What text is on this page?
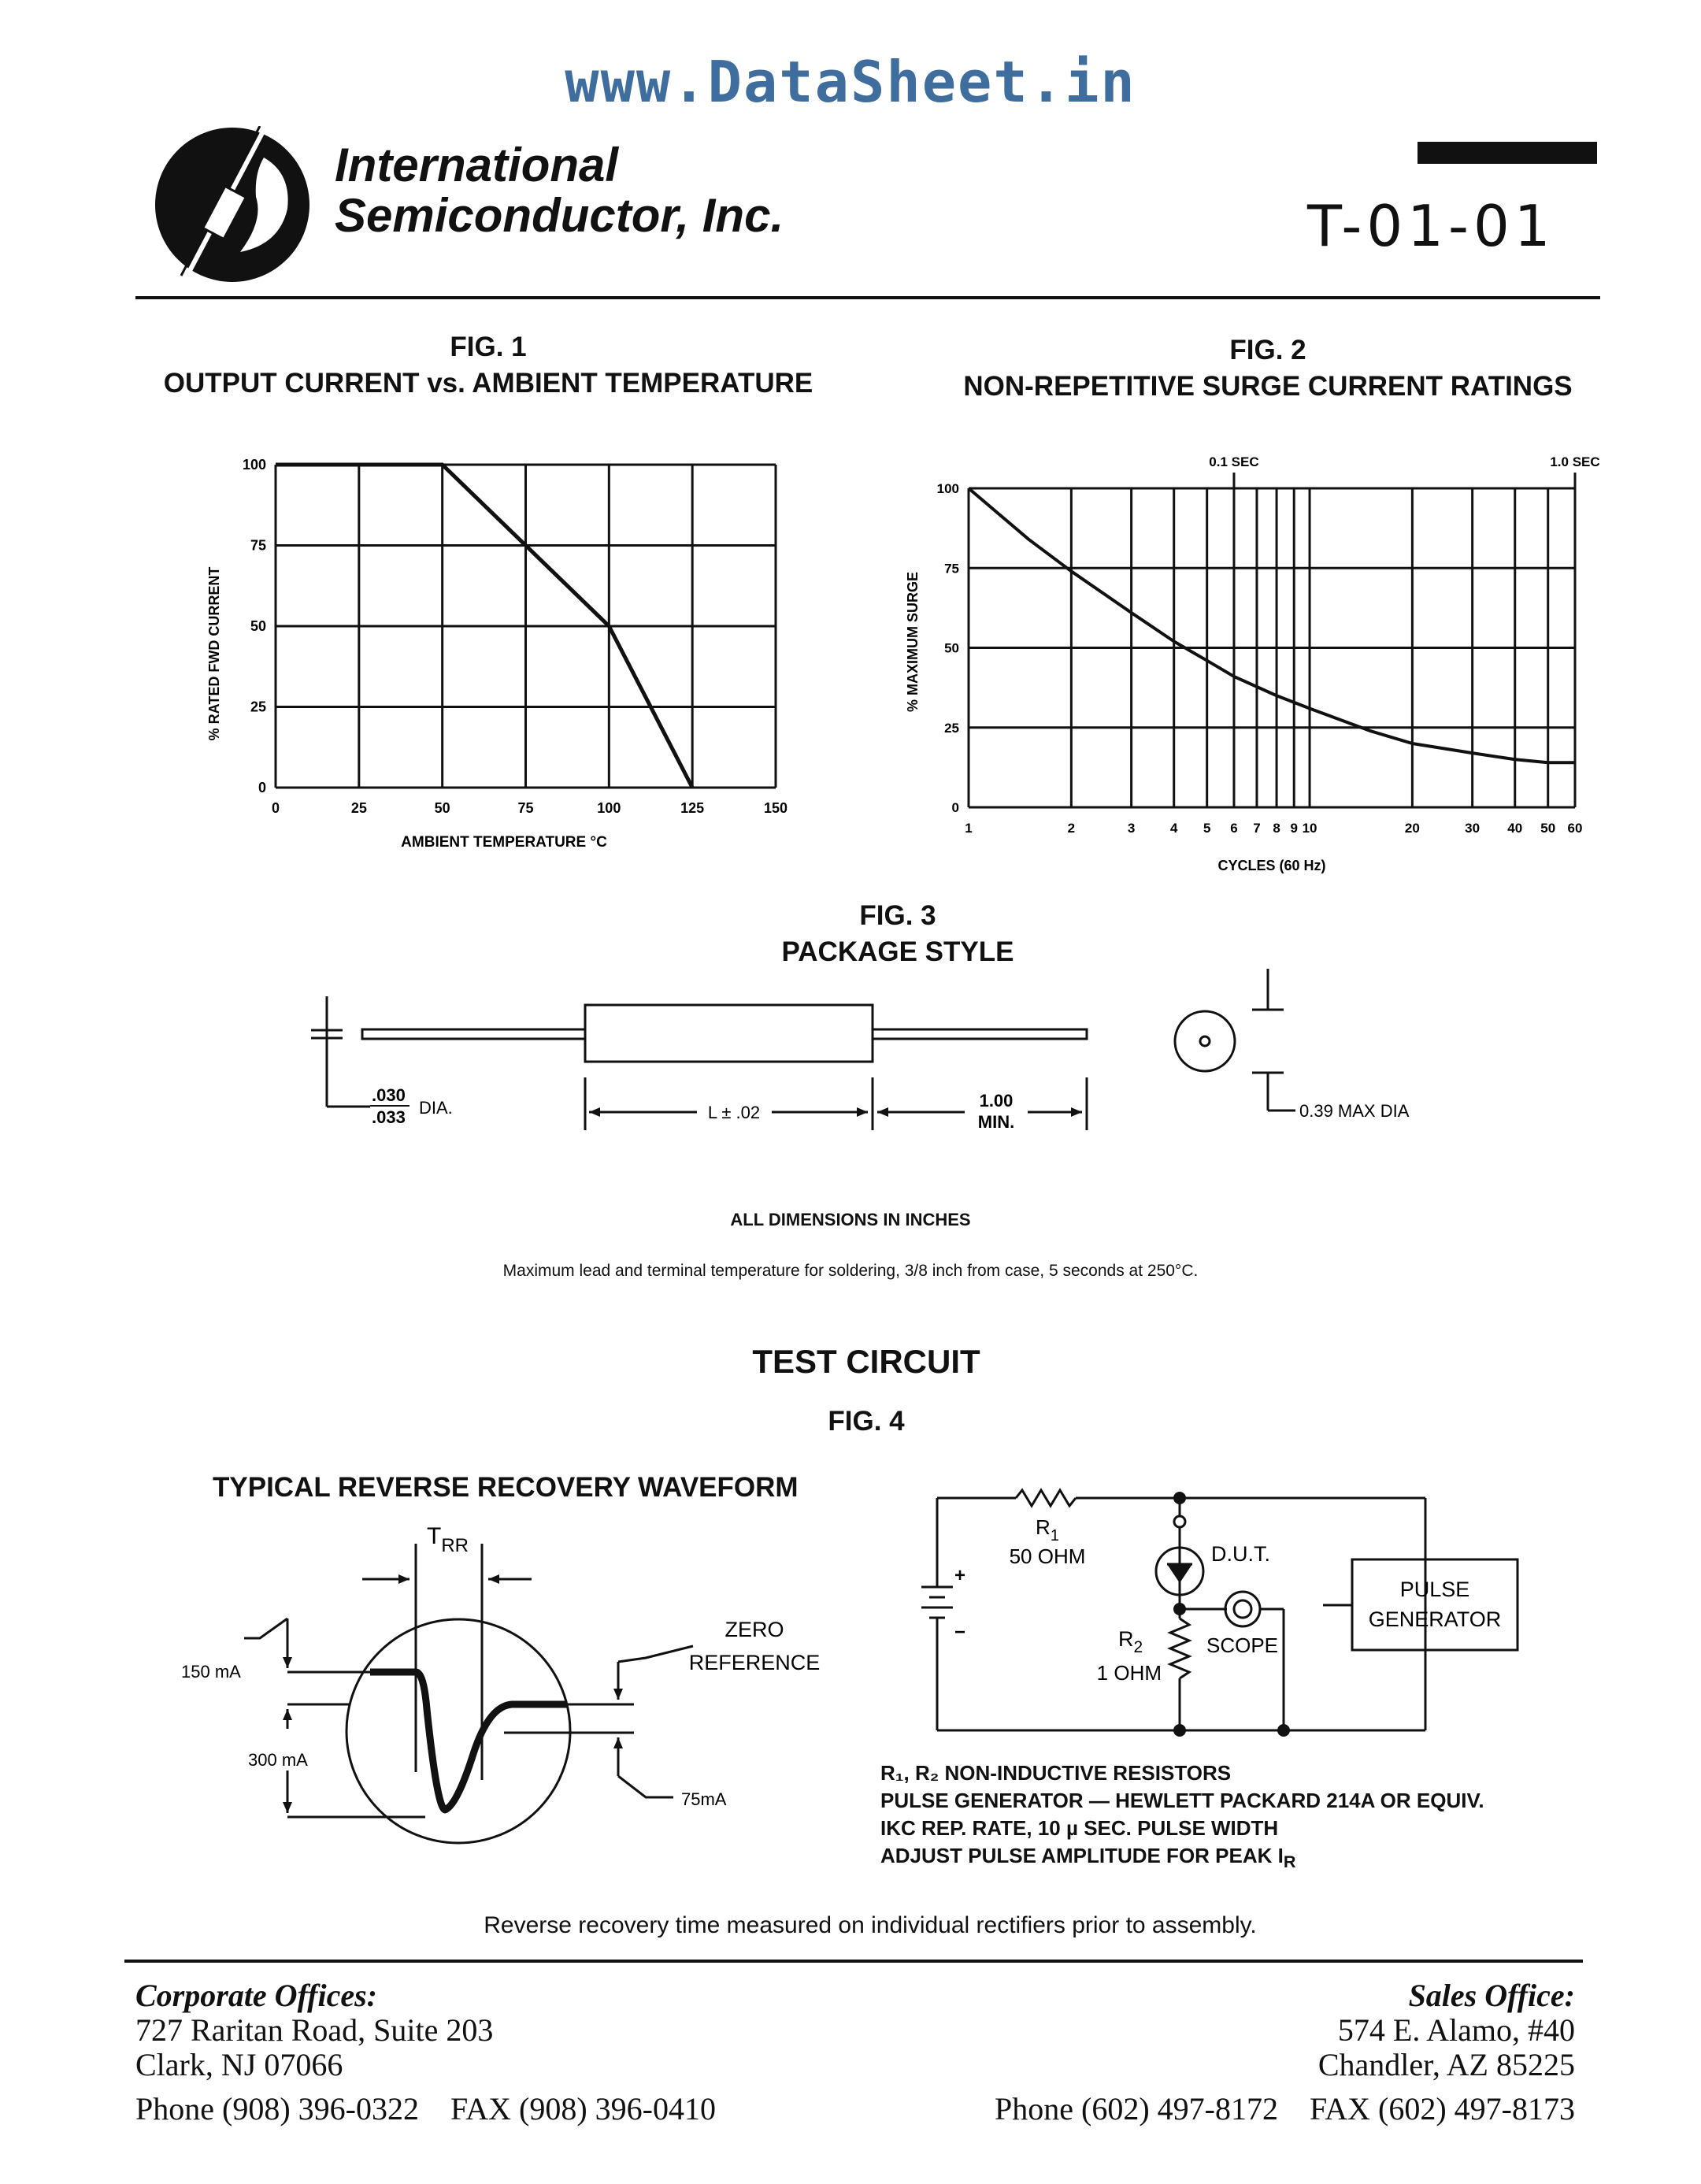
www.DataSheet.in
International
Semiconductor, Inc.	T-01-01
FIG. 1
OUTPUT CURRENT vs. AMBIENT TEMPERATURE
0	25	50	75	100	125	150
0
25
50
75
100
AMBIENT TEMPERATURE °C
% RATED FWD CURRENT
FIG. 2
NON-REPETITIVE SURGE CURRENT RATINGS
1	2	3	4 5 6 7 8 9 10	20	30 40 50 60
0
25
50
75
100
0.1 SEC	1.0 SEC
CYCLES (60 Hz)
% MAXIMUM SURGE
FIG. 3
PACKAGE STYLE
.030
.033 DIA.	L ± .02
1.00
MIN.
0.39 MAX DIA
ALL DIMENSIONS IN INCHES
Maximum lead and terminal temperature for soldering, 3/8 inch from case, 5 seconds at 250°C.
TEST CIRCUIT
FIG. 4
TYPICAL REVERSE RECOVERY WAVEFORM
$T_{RR}$
150 mA
300 mA
75mA
ZERO
REFERENCE
+
−
$R_1$
50 OHM	D.U.T.
$R_2$
1 OHM
SCOPE
PULSE
GENERATOR
R₁, R₂ NON-INDUCTIVE RESISTORS
PULSE GENERATOR — HEWLETT PACKARD 214A OR EQUIV.
IKC REP. RATE, 10 µ SEC. PULSE WIDTH
ADJUST PULSE AMPLITUDE FOR PEAK $I_R$
Reverse recovery time measured on individual rectifiers prior to assembly.
Corporate Offices:
727 Raritan Road, Suite 203
Clark, NJ 07066
Phone (908) 396-0322    FAX (908) 396-0410
Sales Office:
574 E. Alamo, #40
Chandler, AZ 85225
Phone (602) 497-8172    FAX (602) 497-8173
